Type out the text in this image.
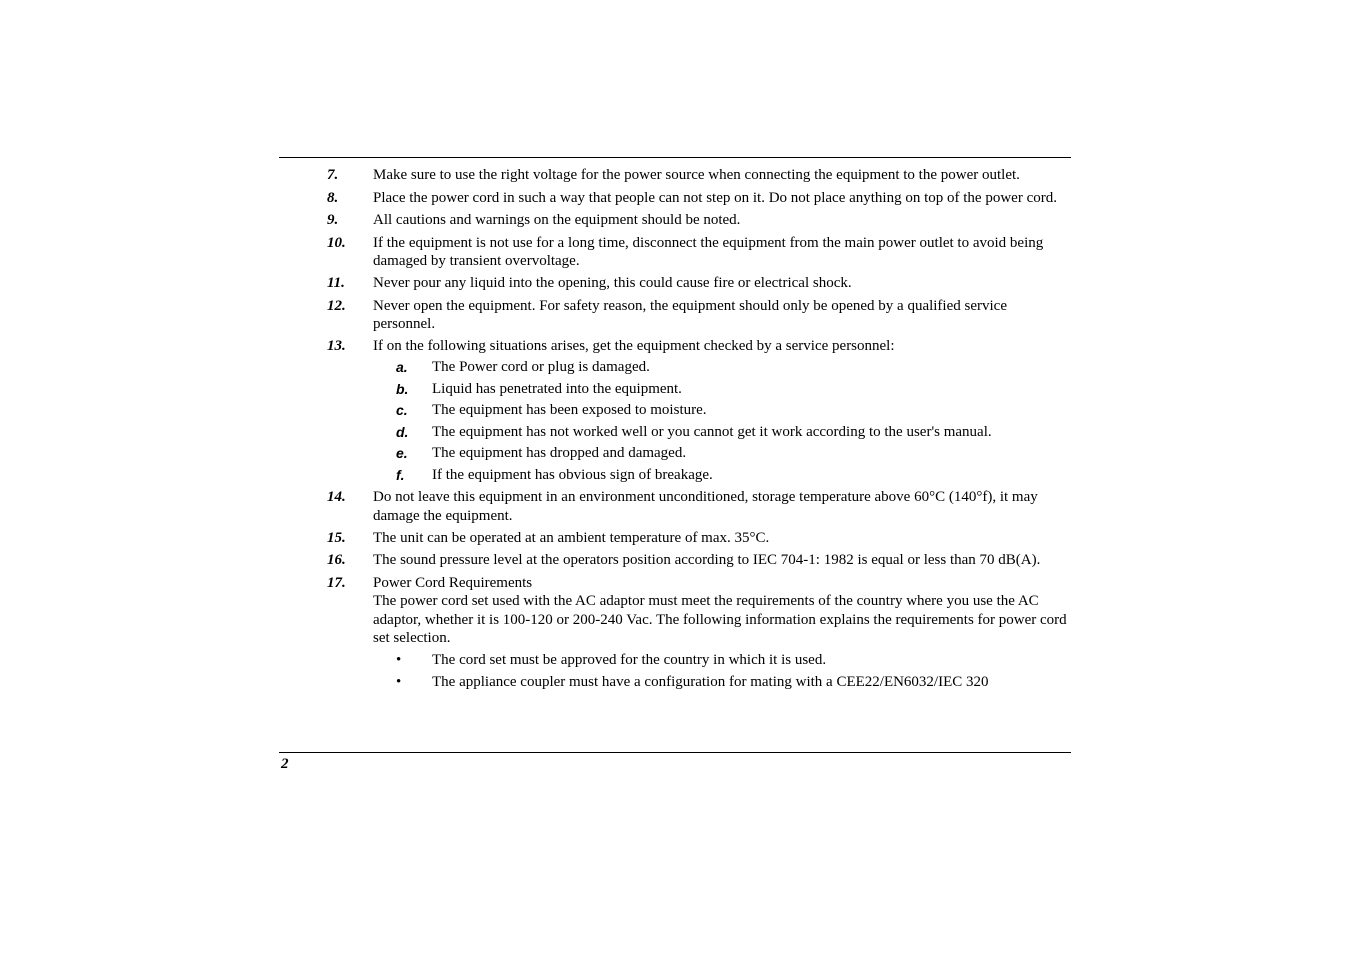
7.	Make sure to use the right voltage for the power source when connecting the equipment to the power outlet.
8.	Place the power cord in such a way that people can not step on it. Do not place anything on top of the power cord.
9.	All cautions and warnings on the equipment should be noted.
10.	If the equipment is not use for a long time, disconnect the equipment from the main power outlet to avoid being damaged by transient overvoltage.
11.	Never pour any liquid into the opening, this could cause fire or electrical shock.
12.	Never open the equipment. For safety reason, the equipment should only be opened by a qualified service personnel.
13.	If on the following situations arises, get the equipment checked by a service personnel:
a.	The Power cord or plug is damaged.
b.	Liquid has penetrated into the equipment.
c.	The equipment has been exposed to moisture.
d.	The equipment has not worked well or you cannot get it work according to the user's manual.
e.	The equipment has dropped and damaged.
f.	If the equipment has obvious sign of breakage.
14.	Do not leave this equipment in an environment unconditioned, storage temperature above 60°C (140°f), it may damage the equipment.
15.	The unit can be operated at an ambient temperature of max. 35°C.
16.	The sound pressure level at the operators position according to IEC 704-1: 1982 is equal or less than 70 dB(A).
17.	Power Cord Requirements
The power cord set used with the AC adaptor must meet the requirements of the country where you use the AC adaptor, whether it is 100-120 or 200-240 Vac. The following information explains the requirements for power cord set selection.
•	The cord set must be approved for the country in which it is used.
•	The appliance coupler must have a configuration for mating with a CEE22/EN6032/IEC 320
2
